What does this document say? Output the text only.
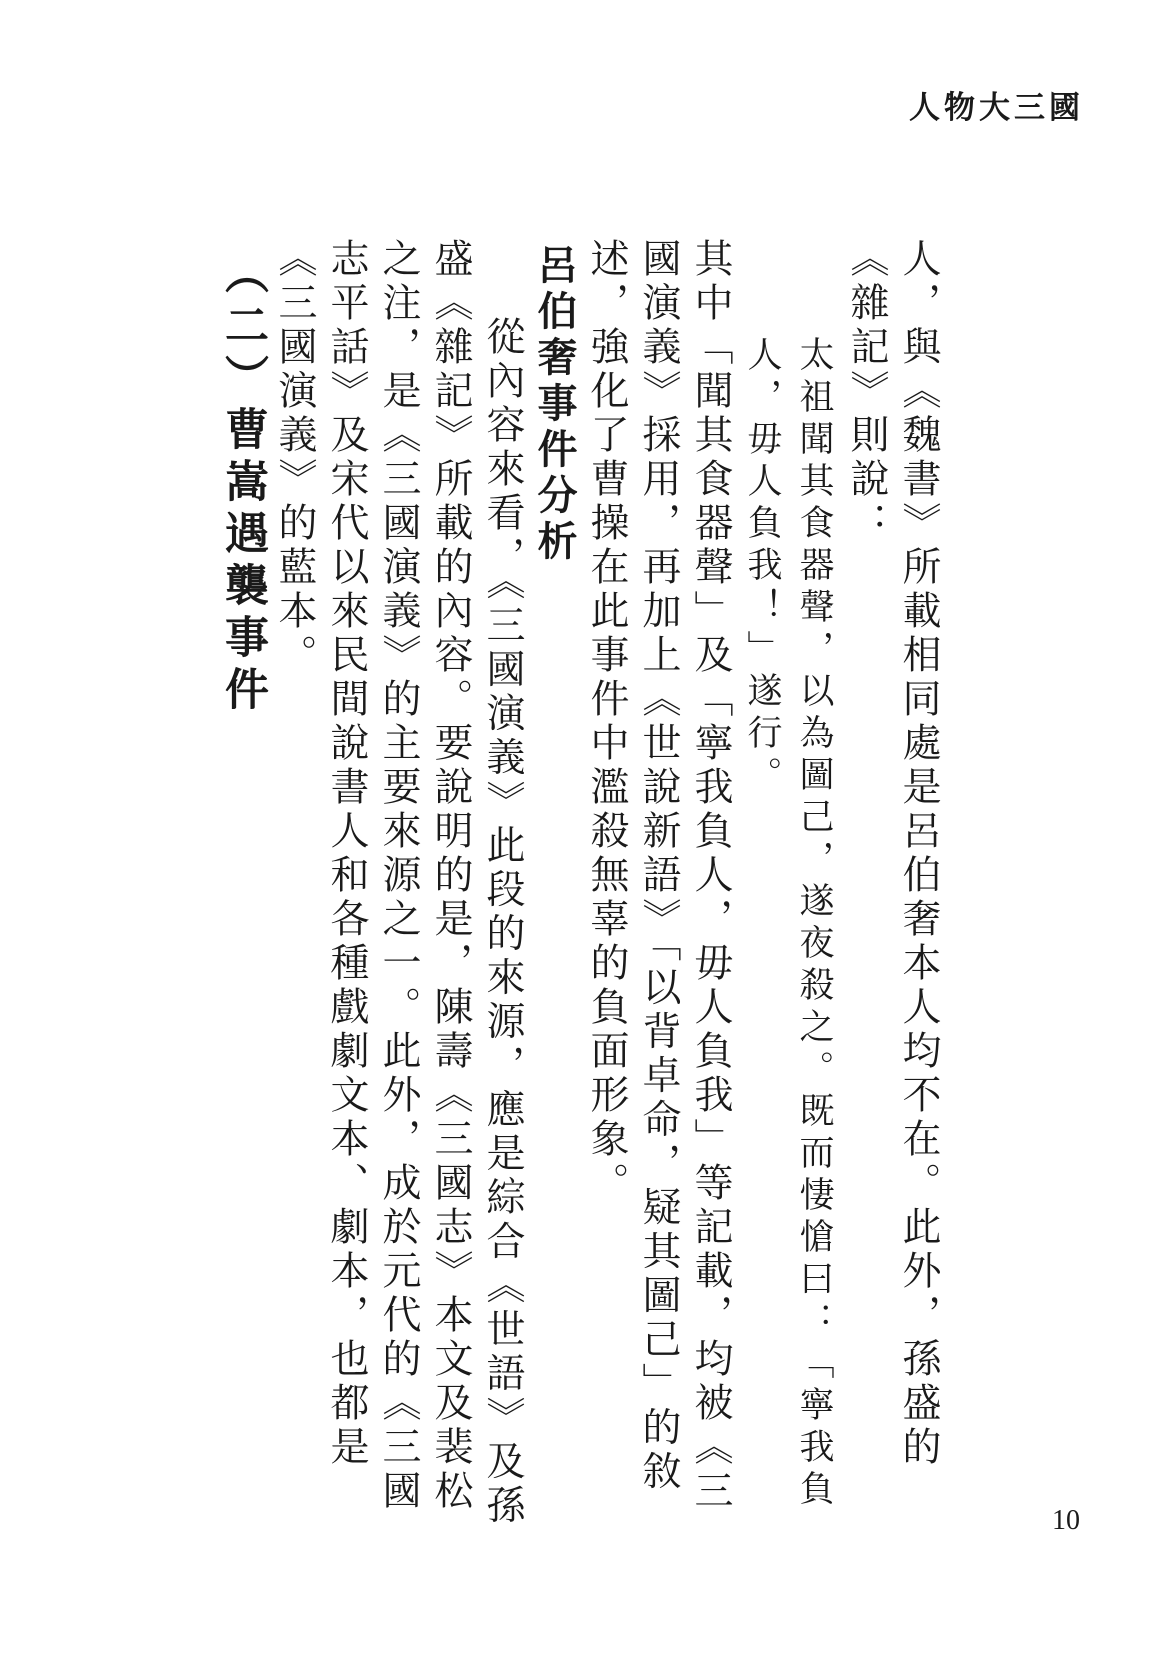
人物大三國

人，與《魏書》所載相同處是呂伯奢本人均不在。此外，孫盛的《雜記》則說：

太祖聞其食器聲，以為圖己，遂夜殺之。既而悽愴曰：「寧我負人，毋人負我！」遂行。

其中「聞其食器聲」及「寧我負人，毋人負我」等記載，均被《三國演義》採用，再加上《世說新語》「以背卓命，疑其圖己」的敘述，強化了曹操在此事件中濫殺無辜的負面形象。

呂伯奢事件分析

從內容來看，《三國演義》此段的來源，應是綜合《世語》及孫盛《雜記》所載的內容。要說明的是，陳壽《三國志》本文及裴松之注，是《三國演義》的主要來源之一。此外，成於元代的《三國志平話》及宋代以來民間說書人和各種戲劇文本、劇本，也都是《三國演義》的藍本。

（二）曹嵩遇襲事件

10
